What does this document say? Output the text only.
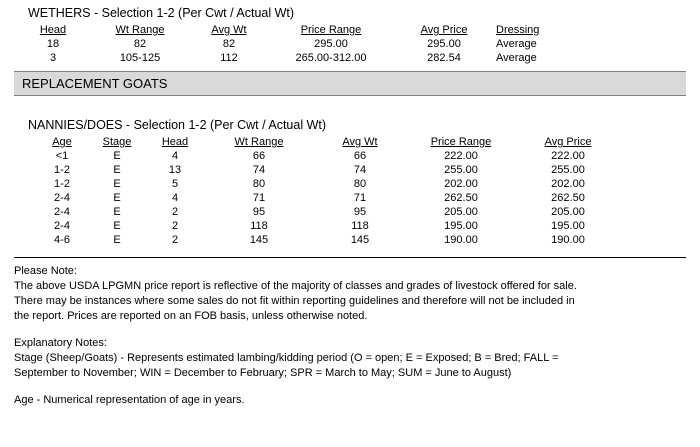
WETHERS - Selection 1-2 (Per Cwt / Actual Wt)
Head	Wt Range	Avg Wt	Price Range	Avg Price	Dressing	
18	82	82	295.00	295.00	Average	
3	105-125	112	265.00-312.00	282.54	Average	
REPLACEMENT GOATS
NANNIES/DOES - Selection 1-2 (Per Cwt / Actual Wt)
	Age	Stage	Head	Wt Range	Avg Wt	Price Range	Avg Price	
	<1	E	4	66	66	222.00	222.00	
	1-2	E	13	74	74	255.00	255.00	
	1-2	E	5	80	80	202.00	202.00	
	2-4	E	4	71	71	262.50	262.50	
	2-4	E	2	95	95	205.00	205.00	
	2-4	E	2	118	118	195.00	195.00	
	4-6	E	2	145	145	190.00	190.00	

Please Note:

The above USDA LPGMN price report is reflective of the majority of classes and grades of livestock offered for sale.

There may be instances where some sales do not fit within reporting guidelines and therefore will not be included in

the report. Prices are reported on an FOB basis, unless otherwise noted.

Explanatory Notes:

Stage (Sheep/Goats) - Represents estimated lambing/kidding period (O = open; E = Exposed; B = Bred; FALL =

September to November; WIN = December to February; SPR = March to May; SUM = June to August)

Age - Numerical representation of age in years.
